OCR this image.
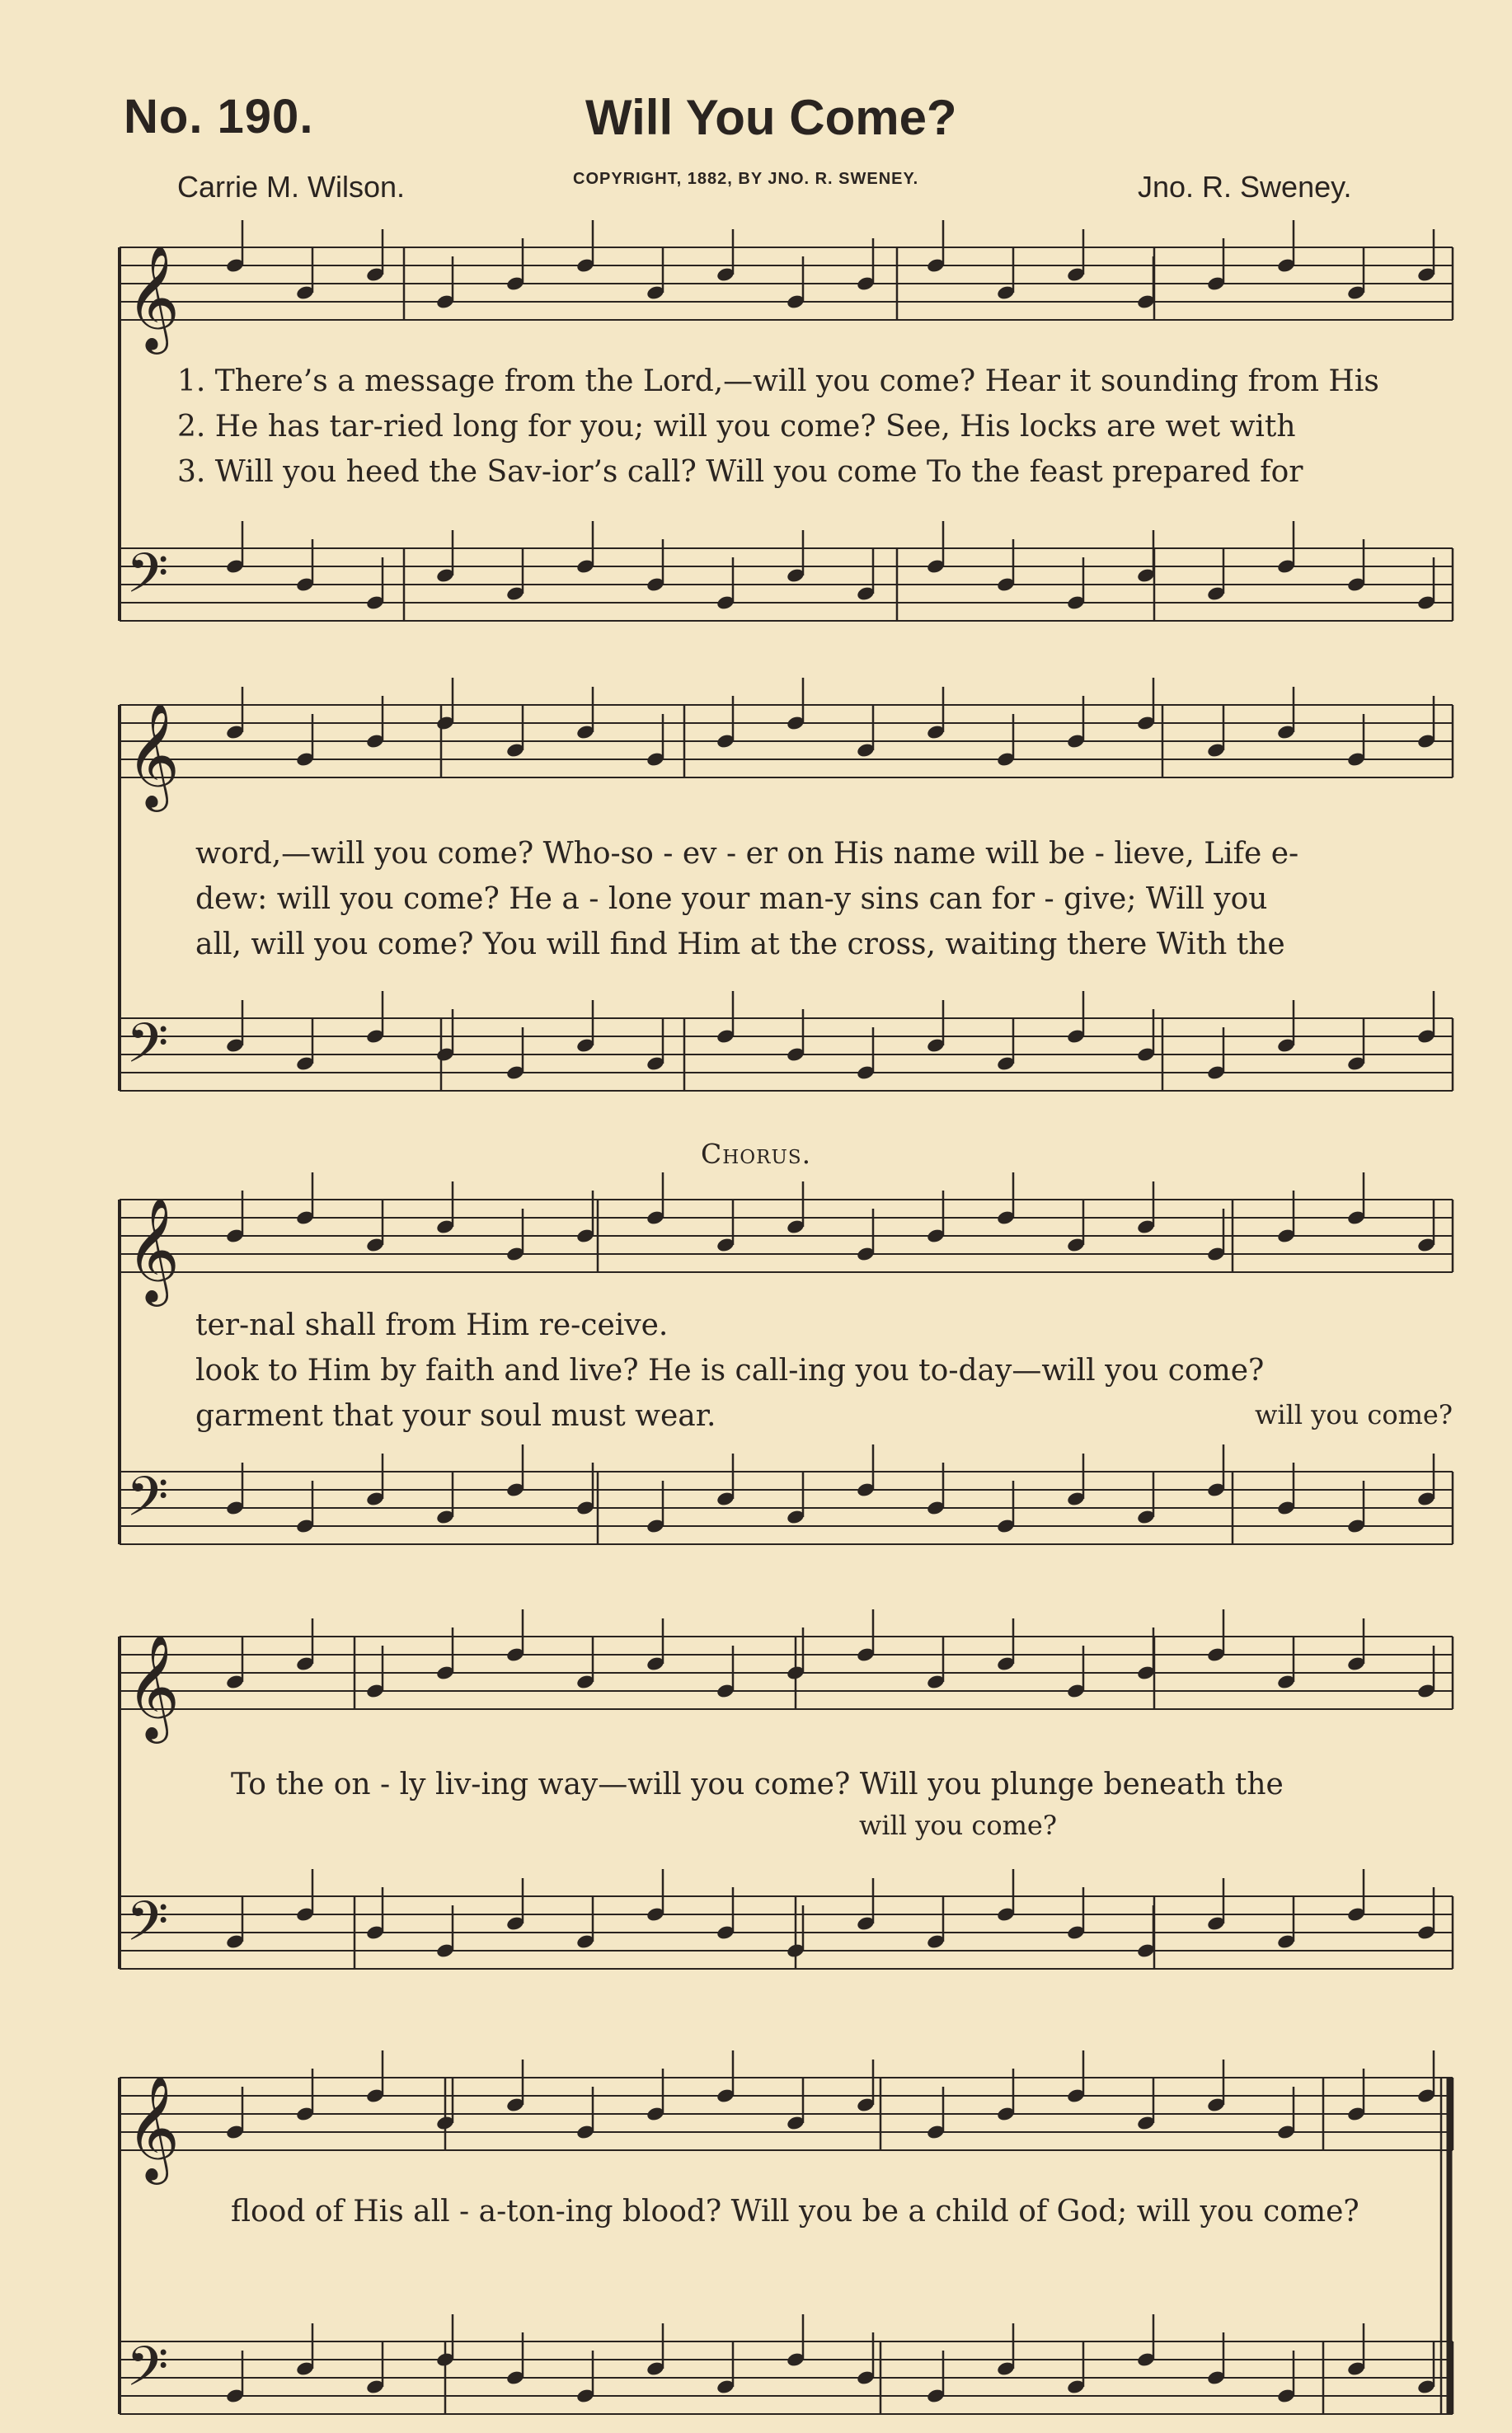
𝄞
𝄢
𝄞
𝄢
𝄞
𝄢
𝄞
𝄢
𝄞
𝄢
No. 190.	Will You Come?
Carrie M. Wilson.	COPYRIGHT, 1882, BY JNO. R. SWENEY.	Jno. R. Sweney.
1. There’s a message from the Lord,—will you come? Hear it sounding from His
2. He has tar-ried long for you; will you come? See, His locks are wet with
3. Will you heed the Sav-ior’s call? Will you come To the feast prepared for
word,—will you come? Who-so - ev - er on His name will be - lieve, Life e-
dew: will you come? He a - lone your man-y sins can for - give; Will you
all, will you come? You will find Him at the cross, waiting there With the
Chorus.
ter-nal shall from Him re-ceive.
look to Him by faith and live? He is call-ing you to-day—will you come?
garment that your soul must wear.	will you come?
To the on - ly liv-ing way—will you come? Will you plunge beneath the
will you come?
flood of His all - a-ton-ing blood? Will you be a child of God; will you come?
